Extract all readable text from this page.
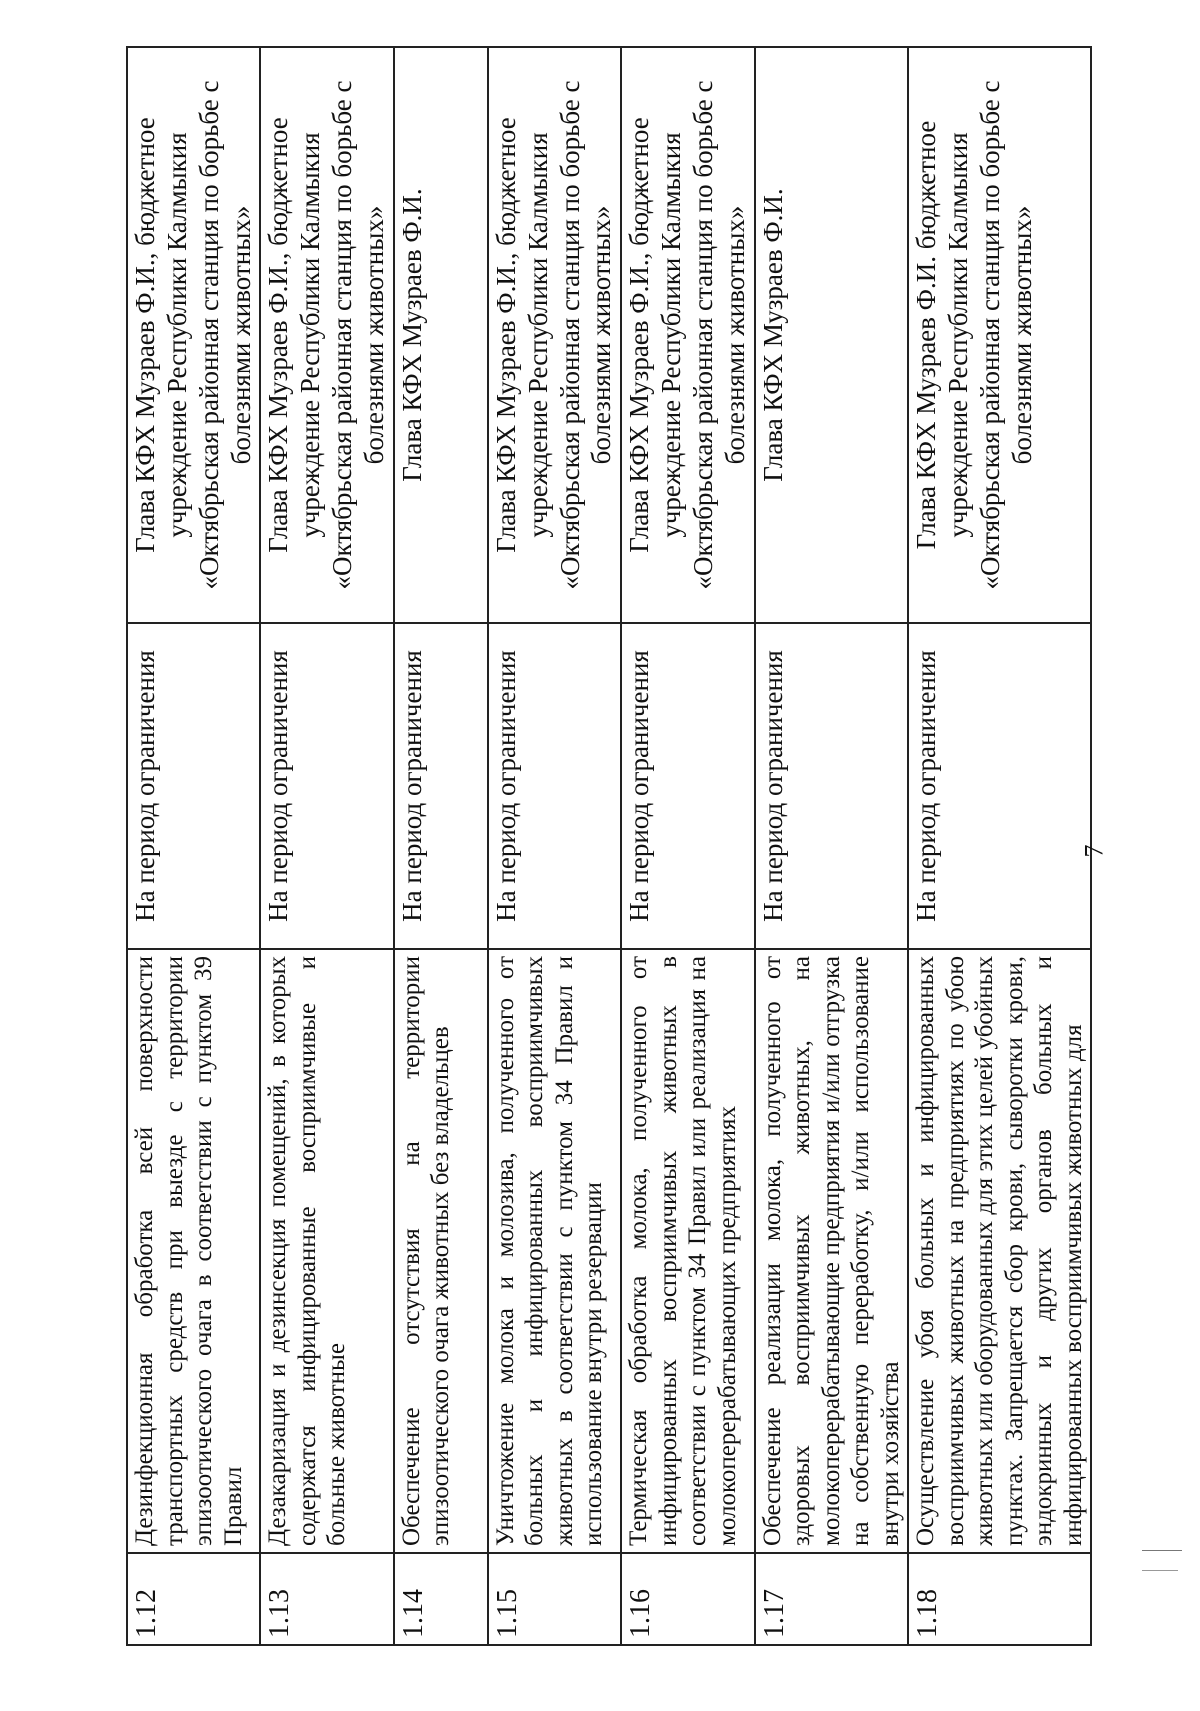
1.12	Дезинфекционная обработка всей поверхности транспортных средств при выезде с территории эпизоотического очага в соответствии с пунктом 39 Правил	На период ограничения	Глава КФХ Музраев Ф.И., бюджетное учреждение Республики Калмыкия «Октябрьская районная станция по борьбе с болезнями животных»
1.13	Дезакаризация и дезинсекция помещений, в которых содержатся инфицированные восприимчивые и больные животные	На период ограничения	Глава КФХ Музраев Ф.И., бюджетное учреждение Республики Калмыкия «Октябрьская районная станция по борьбе с болезнями животных»
1.14	Обеспечение отсутствия на территории эпизоотического очага животных без владельцев	На период ограничения	Глава КФХ Музраев Ф.И.
1.15	Уничтожение молока и молозива, полученного от больных и инфицированных восприимчивых животных в соответствии с пунктом 34 Правил и использование внутри резервации	На период ограничения	Глава КФХ Музраев Ф.И., бюджетное учреждение Республики Калмыкия «Октябрьская районная станция по борьбе с болезнями животных»
1.16	Термическая обработка молока, полученного от инфицированных восприимчивых животных в соответствии с пунктом 34 Правил или реализация на молокоперерабатывающих предприятиях	На период ограничения	Глава КФХ Музраев Ф.И., бюджетное учреждение Республики Калмыкия «Октябрьская районная станция по борьбе с болезнями животных»
1.17	Обеспечение реализации молока, полученного от здоровых восприимчивых животных, на молокоперерабатывающие предприятия и/или отгрузка на собственную переработку, и/или использование внутри хозяйства	На период ограничения	Глава КФХ Музраев Ф.И.
1.18	Осуществление убоя больных и инфицированных восприимчивых животных на предприятиях по убою животных или оборудованных для этих целей убойных пунктах. Запрещается сбор крови, сыворотки крови, эндокринных и других органов больных и инфицированных восприимчивых животных для	На период ограничения	Глава КФХ Музраев Ф.И. бюджетное учреждение Республики Калмыкия «Октябрьская районная станция по борьбе с болезнями животных»
7
